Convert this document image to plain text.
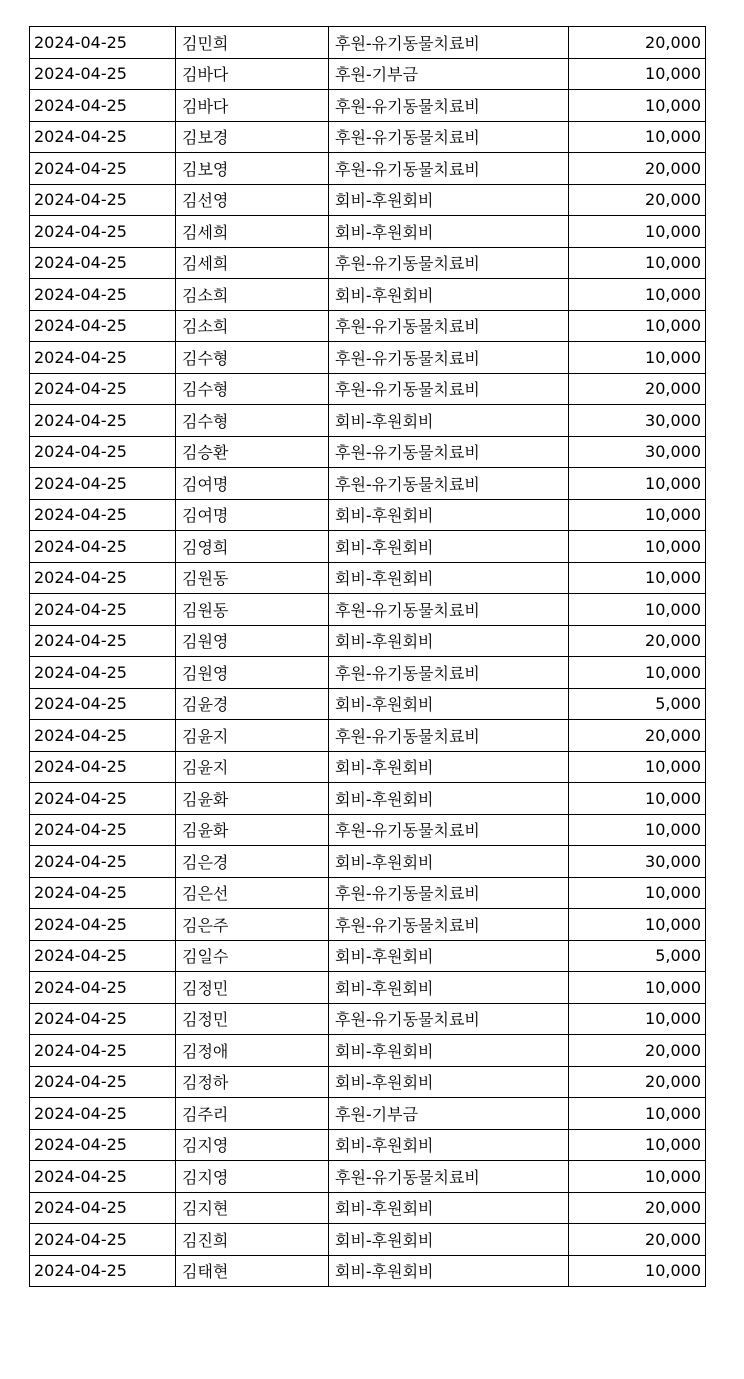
2024-04-25	김민희	후원-유기동물치료비	20,000
2024-04-25	김바다	후원-기부금	10,000
2024-04-25	김바다	후원-유기동물치료비	10,000
2024-04-25	김보경	후원-유기동물치료비	10,000
2024-04-25	김보영	후원-유기동물치료비	20,000
2024-04-25	김선영	회비-후원회비	20,000
2024-04-25	김세희	회비-후원회비	10,000
2024-04-25	김세희	후원-유기동물치료비	10,000
2024-04-25	김소희	회비-후원회비	10,000
2024-04-25	김소희	후원-유기동물치료비	10,000
2024-04-25	김수형	후원-유기동물치료비	10,000
2024-04-25	김수형	후원-유기동물치료비	20,000
2024-04-25	김수형	회비-후원회비	30,000
2024-04-25	김승환	후원-유기동물치료비	30,000
2024-04-25	김여명	후원-유기동물치료비	10,000
2024-04-25	김여명	회비-후원회비	10,000
2024-04-25	김영희	회비-후원회비	10,000
2024-04-25	김원동	회비-후원회비	10,000
2024-04-25	김원동	후원-유기동물치료비	10,000
2024-04-25	김원영	회비-후원회비	20,000
2024-04-25	김원영	후원-유기동물치료비	10,000
2024-04-25	김윤경	회비-후원회비	5,000
2024-04-25	김윤지	후원-유기동물치료비	20,000
2024-04-25	김윤지	회비-후원회비	10,000
2024-04-25	김윤화	회비-후원회비	10,000
2024-04-25	김윤화	후원-유기동물치료비	10,000
2024-04-25	김은경	회비-후원회비	30,000
2024-04-25	김은선	후원-유기동물치료비	10,000
2024-04-25	김은주	후원-유기동물치료비	10,000
2024-04-25	김일수	회비-후원회비	5,000
2024-04-25	김정민	회비-후원회비	10,000
2024-04-25	김정민	후원-유기동물치료비	10,000
2024-04-25	김정애	회비-후원회비	20,000
2024-04-25	김정하	회비-후원회비	20,000
2024-04-25	김주리	후원-기부금	10,000
2024-04-25	김지영	회비-후원회비	10,000
2024-04-25	김지영	후원-유기동물치료비	10,000
2024-04-25	김지현	회비-후원회비	20,000
2024-04-25	김진희	회비-후원회비	20,000
2024-04-25	김태현	회비-후원회비	10,000
